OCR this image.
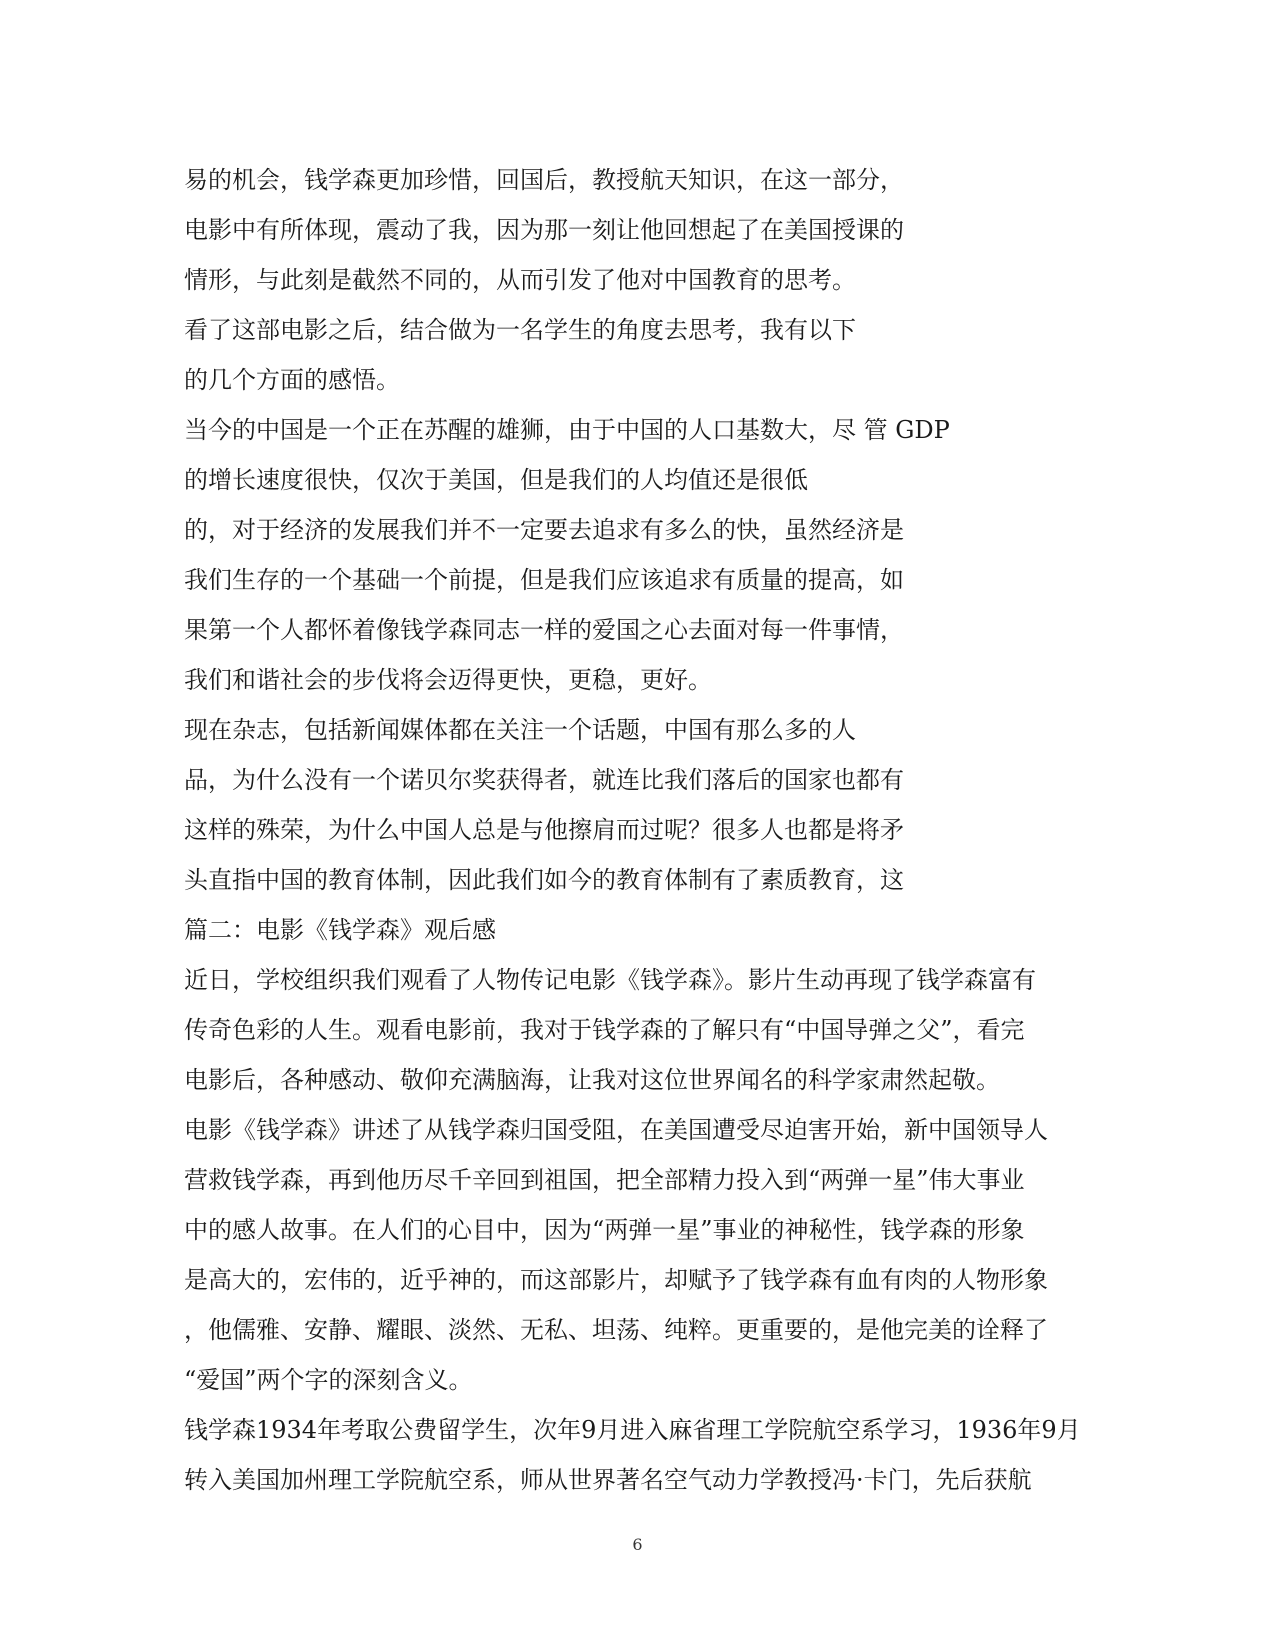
易的机会，钱学森更加珍惜，回国后，教授航天知识，在这一部分，
电影中有所体现，震动了我，因为那一刻让他回想起了在美国授课的
情形，与此刻是截然不同的，从而引发了他对中国教育的思考。
看了这部电影之后，结合做为一名学生的角度去思考，我有以下
的几个方面的感悟。
当今的中国是一个正在苏醒的雄狮，由于中国的人口基数大，尽 管 GDP
的增长速度很快，仅次于美国，但是我们的人均值还是很低
的，对于经济的发展我们并不一定要去追求有多么的快，虽然经济是
我们生存的一个基础一个前提，但是我们应该追求有质量的提高，如
果第一个人都怀着像钱学森同志一样的爱国之心去面对每一件事情，
我们和谐社会的步伐将会迈得更快，更稳，更好。
现在杂志，包括新闻媒体都在关注一个话题，中国有那么多的人
品，为什么没有一个诺贝尔奖获得者，就连比我们落后的国家也都有
这样的殊荣，为什么中国人总是与他擦肩而过呢？很多人也都是将矛
头直指中国的教育体制，因此我们如今的教育体制有了素质教育，这
篇二：电影《钱学森》观后感
近日，学校组织我们观看了人物传记电影《钱学森》。影片生动再现了钱学森富有
传奇色彩的人生。观看电影前，我对于钱学森的了解只有“中国导弹之父”，看完
电影后，各种感动、敬仰充满脑海，让我对这位世界闻名的科学家肃然起敬。
电影《钱学森》讲述了从钱学森归国受阻，在美国遭受尽迫害开始，新中国领导人
营救钱学森，再到他历尽千辛回到祖国，把全部精力投入到“两弹一星”伟大事业
中的感人故事。在人们的心目中，因为“两弹一星”事业的神秘性，钱学森的形象
是高大的，宏伟的，近乎神的，而这部影片，却赋予了钱学森有血有肉的人物形象
，他儒雅、安静、耀眼、淡然、无私、坦荡、纯粹。更重要的，是他完美的诠释了
“爱国”两个字的深刻含义。
钱学森1934年考取公费留学生，次年9月进入麻省理工学院航空系学习，1936年9月
转入美国加州理工学院航空系，师从世界著名空气动力学教授冯·卡门，先后获航
6
